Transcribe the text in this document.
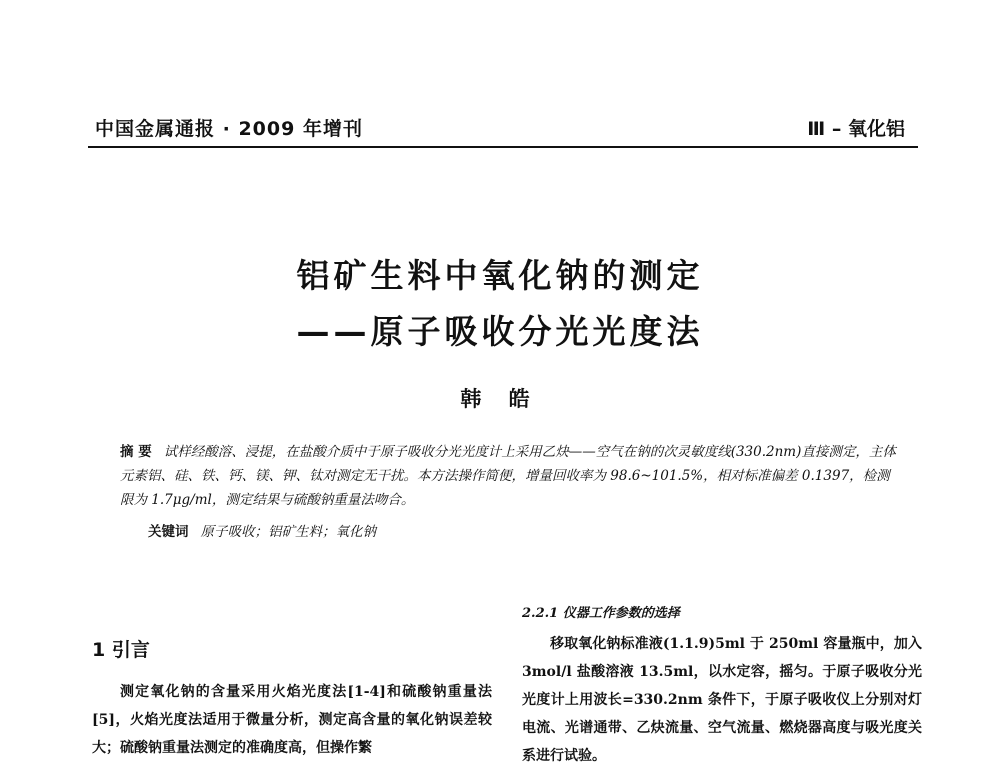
中国金属通报 · 2009 年增刊	Ⅲ – 氧化铝
铝矿生料中氧化钠的测定
——原子吸收分光光度法
韩 皓

摘 要 试样经酸溶、浸提，在盐酸介质中于原子吸收分光光度计上采用乙炔——空气在钠的次灵敏度线(330.2nm)直接测定，主体元素铝、硅、铁、钙、镁、钾、钛对测定无干扰。本方法操作简便，增量回收率为 98.6~101.5%，相对标准偏差 0.1397，检测限为 1.7μg/ml，测定结果与硫酸钠重量法吻合。

关键词 原子吸收；铝矿生料；氧化钠
1 引言

测定氧化钠的含量采用火焰光度法[1-4]和硫酸钠重量法[5]，火焰光度法适用于微量分析，测定高含量的氧化钠误差较大；硫酸钠重量法测定的准确度高，但操作繁

2.2.1 仪器工作参数的选择

移取氧化钠标准液(1.1.9)5ml 于 250ml 容量瓶中，加入 3mol/l 盐酸溶液 13.5ml，以水定容，摇匀。于原子吸收分光光度计上用波长=330.2nm 条件下，于原子吸收仪上分别对灯电流、光谱通带、乙炔流量、空气流量、燃烧器高度与吸光度关系进行试验。
